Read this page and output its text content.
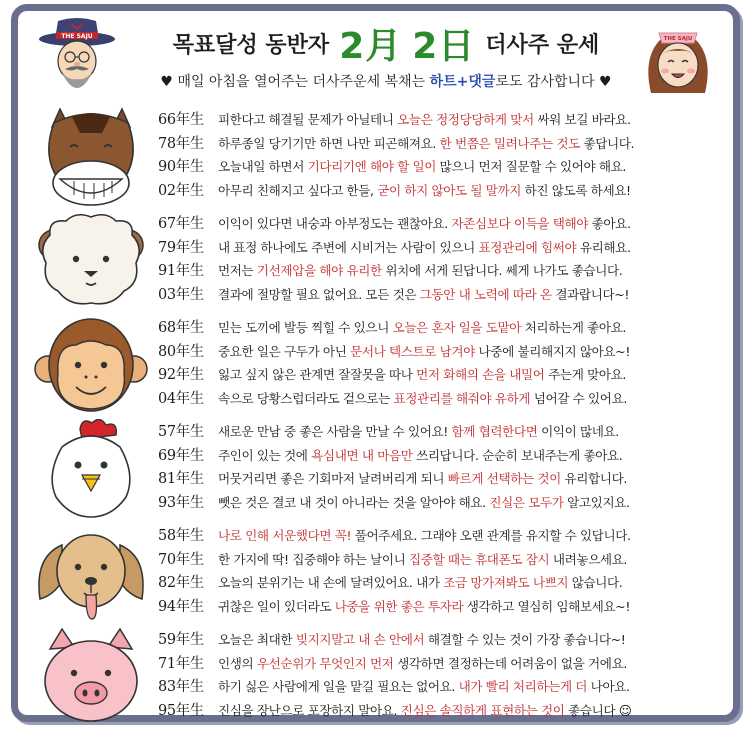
THE SAJU	목표달성 동반자 2月 2日 더사주 운세
♥ 매일 아침을 열어주는 더사주운세 복채는 하트+댓글로도 감사합니다 ♥
THE SAJU
66年生	피한다고 해결될 문제가 아닐테니 오늘은 정정당당하게 맞서 싸워 보길 바라요.
78年生	하루종일 당기기만 하면 나만 피곤해져요. 한 번쯤은 밀려나주는 것도 좋답니다.
90年生	오늘내일 하면서 기다리기엔 해야 할 일이 많으니 먼저 질문할 수 있어야 해요.
02年生	아무리 친해지고 싶다고 한들, 굳이 하지 않아도 될 말까지 하진 않도록 하세요!
67年生	이익이 있다면 내숭과 아부정도는 괜찮아요. 자존심보다 이득을 택해야 좋아요.
79年生	내 표정 하나에도 주변에 시비거는 사람이 있으니 표정관리에 힘써야 유리해요.
91年生	먼저는 기선제압을 해야 유리한 위치에 서게 된답니다. 쎄게 나가도 좋습니다.
03年生	결과에 절망할 필요 없어요. 모든 것은 그동안 내 노력에 따라 온 결과랍니다~!
68年生	믿는 도끼에 발등 찍힐 수 있으니 오늘은 혼자 일을 도맡아 처리하는게 좋아요.
80年生	중요한 일은 구두가 아닌 문서나 텍스트로 남겨야 나중에 불리해지지 않아요~!
92年生	잃고 싶지 않은 관계면 잘잘못을 따나 먼저 화해의 손을 내밀어 주는게 맞아요.
04年生	속으로 당황스럽더라도 겉으로는 표정관리를 해줘야 유하게 넘어갈 수 있어요.
57年生	새로운 만남 중 좋은 사람을 만날 수 있어요! 함께 협력한다면 이익이 많네요.
69年生	주인이 있는 것에 욕심내면 내 마음만 쓰리답니다. 순순히 보내주는게 좋아요.
81年生	머뭇거리면 좋은 기회마저 날려버리게 되니 빠르게 선택하는 것이 유리합니다.
93年生	뺏은 것은 결코 내 것이 아니라는 것을 알아야 해요. 진실은 모두가 알고있지요.
58年生	나로 인해 서운했다면 꼭! 풀어주세요. 그래야 오랜 관계를 유지할 수 있답니다.
70年生	한 가지에 딱! 집중해야 하는 날이니 집중할 때는 휴대폰도 잠시 내려놓으세요.
82年生	오늘의 분위기는 내 손에 달려있어요. 내가 조금 망가져봐도 나쁘지 않습니다.
94年生	귀찮은 일이 있더라도 나중을 위한 좋은 투자라 생각하고 열심히 임해보세요~!
59年生	오늘은 최대한 빚지지말고 내 손 안에서 해결할 수 있는 것이 가장 좋습니다~!
71年生	인생의 우선순위가 무엇인지 먼저 생각하면 결정하는데 어려움이 없을 거에요.
83年生	하기 싫은 사람에게 일을 맡길 필요는 없어요. 내가 빨리 처리하는게 더 나아요.
95年生	진심을 장난으로 포장하지 말아요. 진심은 솔직하게 표현하는 것이 좋습니다 ☺
